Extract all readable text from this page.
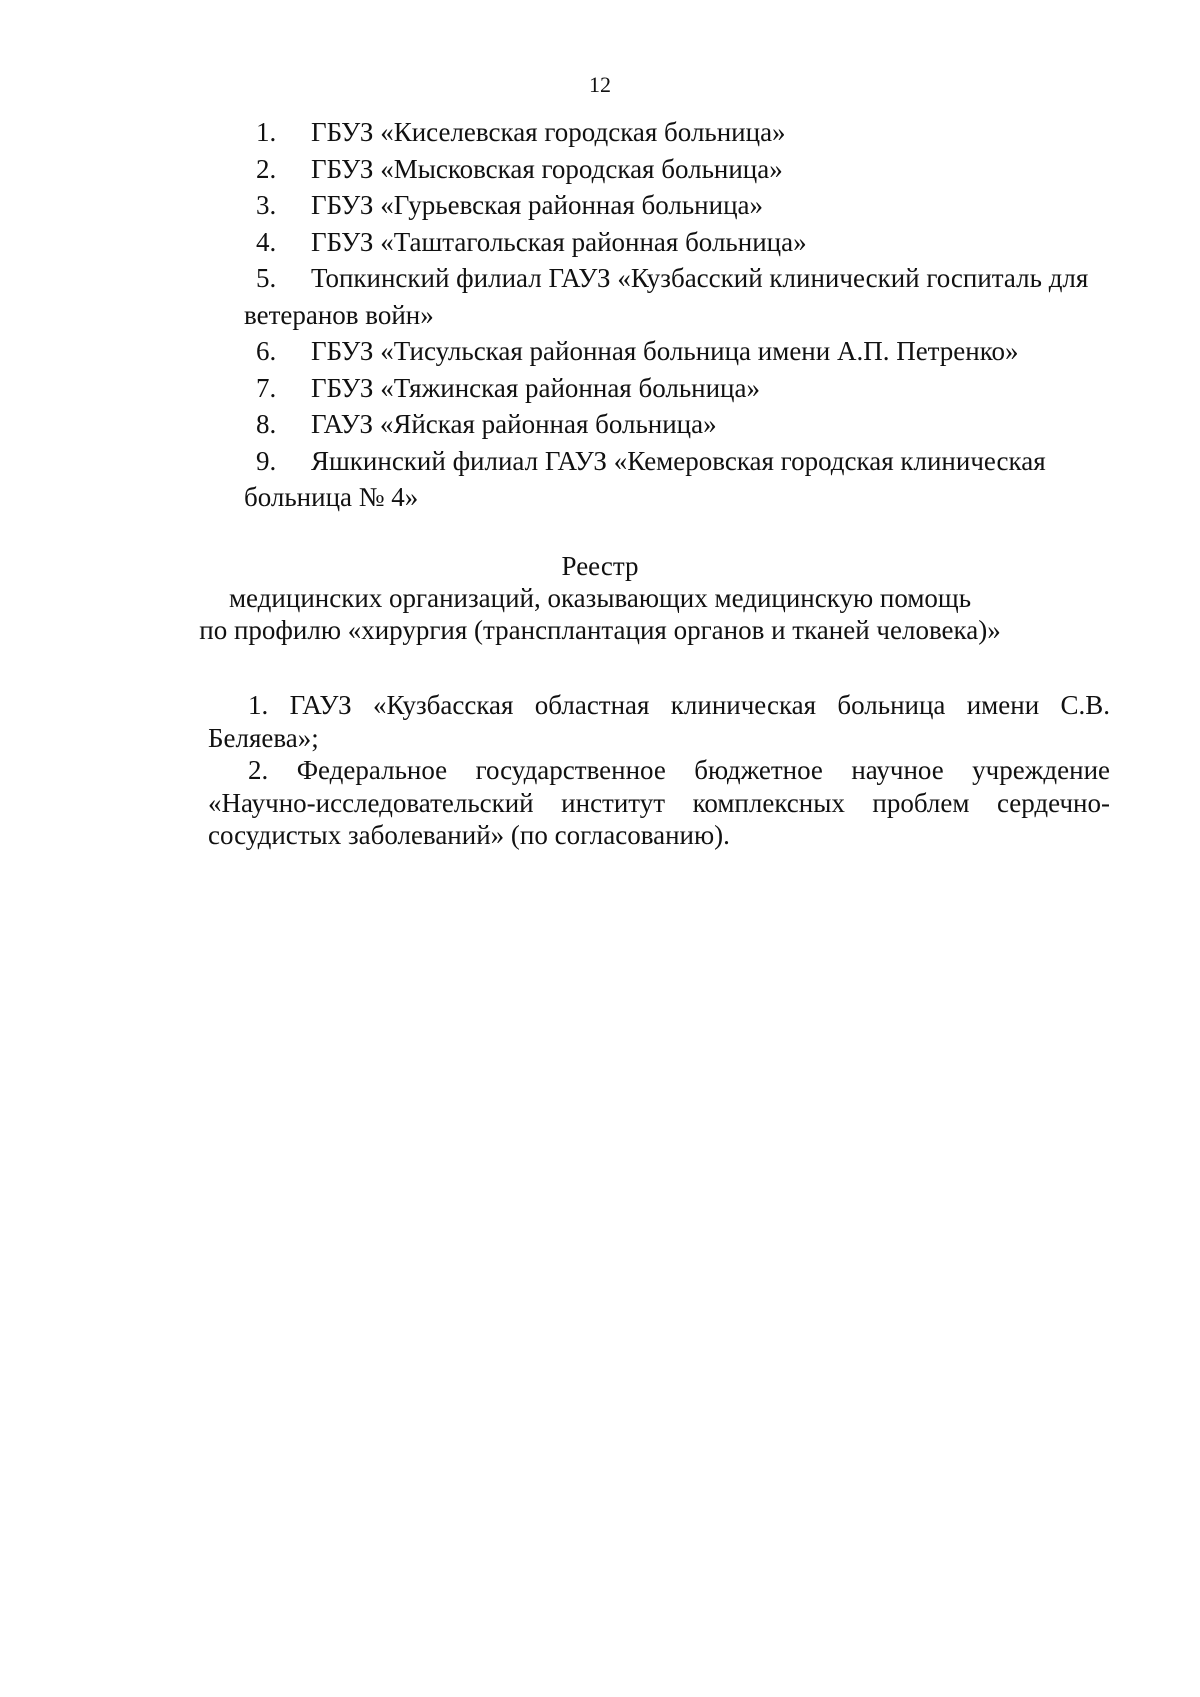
12

1. ГБУЗ «Киселевская городская больница»

2. ГБУЗ «Мысковская городская больница»

3. ГБУЗ «Гурьевская районная больница»

4. ГБУЗ «Таштагольская районная больница»

5. Топкинский филиал ГАУЗ «Кузбасский клинический госпиталь для ветеранов войн»

6. ГБУЗ «Тисульская районная больница имени А.П. Петренко»

7. ГБУЗ «Тяжинская районная больница»

8. ГАУЗ «Яйская районная больница»

9. Яшкинский филиал ГАУЗ «Кемеровская городская клиническая больница № 4»

Реестр
медицинских организаций, оказывающих медицинскую помощь
по профилю «хирургия (трансплантация органов и тканей человека)»

1. ГАУЗ «Кузбасская областная клиническая больница имени С.В. Беляева»;

2. Федеральное государственное бюджетное научное учреждение «Научно-исследовательский институт комплексных проблем сердечно-сосудистых заболеваний» (по согласованию).
